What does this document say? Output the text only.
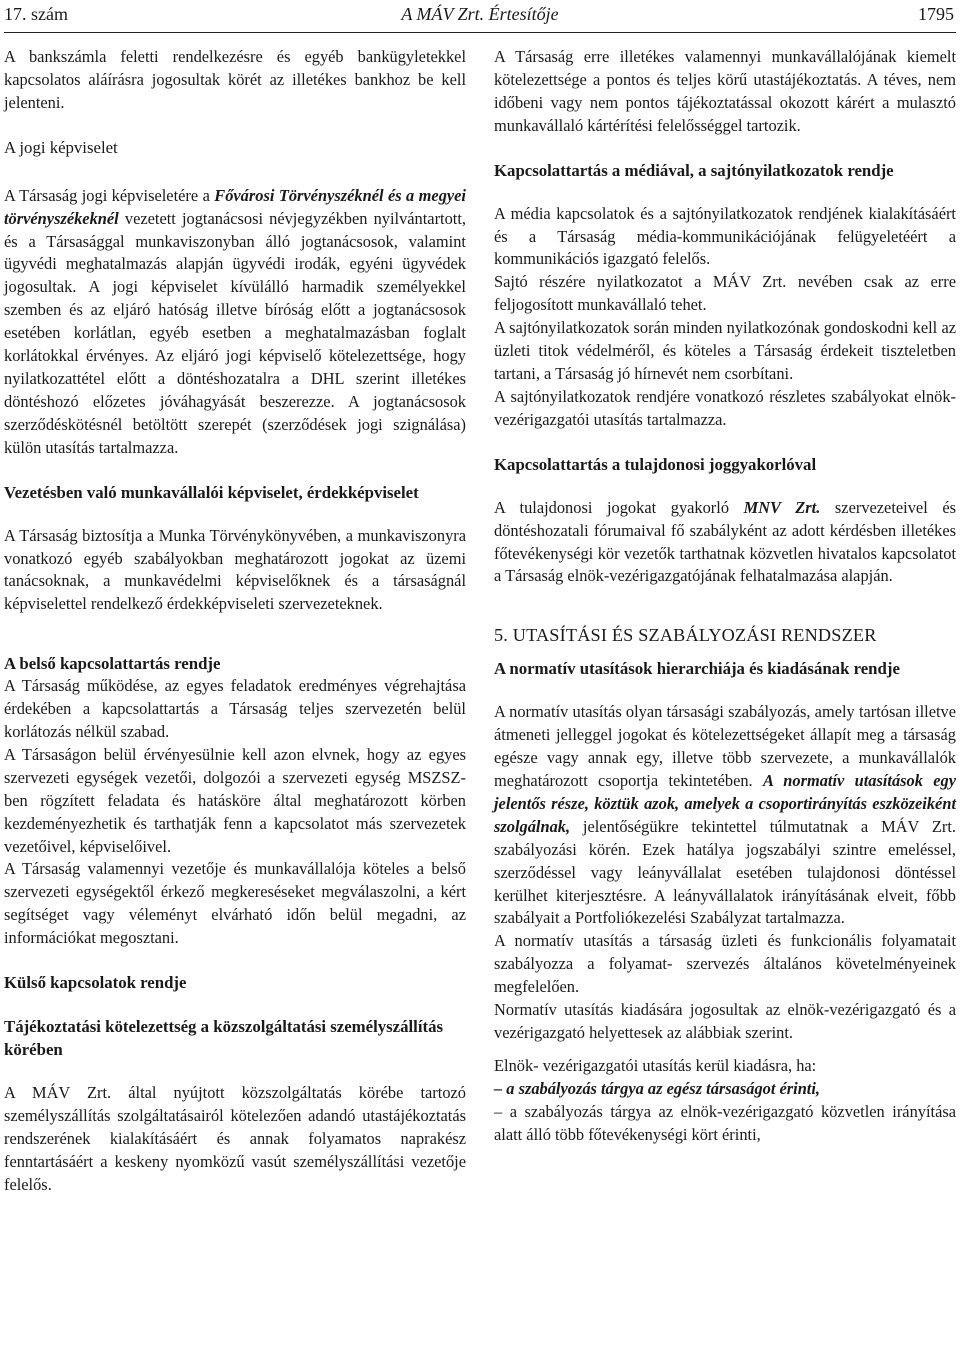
17. szám	A MÁV Zrt. Értesítője	1795

A bankszámla feletti rendelkezésre és egyéb bankügyletekkel kapcsolatos aláírásra jogosultak körét az illetékes bankhoz be kell jelenteni.

A jogi képviselet

A Társaság jogi képviseletére a Fővárosi Törvényszéknél és a megyei törvényszékeknél vezetett jogtanácsosi névjegyzékben nyilvántartott, és a Társasággal munkaviszonyban álló jogtanácsosok, valamint ügyvédi meghatalmazás alapján ügyvédi irodák, egyéni ügyvédek jogosultak. A jogi képviselet kívülálló harmadik személyekkel szemben és az eljáró hatóság illetve bíróság előtt a jogtanácsosok esetében korlátlan, egyéb esetben a meghatalmazásban foglalt korlátokkal érvényes. Az eljáró jogi képviselő kötelezettsége, hogy nyilatkozattétel előtt a döntéshozatalra a DHL szerint illetékes döntéshozó előzetes jóváhagyását beszerezze. A jogtanácsosok szerződéskötésnél betöltött szerepét (szerződések jogi szignálása) külön utasítás tartalmazza.

Vezetésben való munkavállalói képviselet, érdekképviselet

A Társaság biztosítja a Munka Törvénykönyvében, a munkaviszonyra vonatkozó egyéb szabályokban meghatározott jogokat az üzemi tanácsoknak, a munkavédelmi képviselőknek és a társaságnál képviselettel rendelkező érdekképviseleti szervezeteknek.

A belső kapcsolattartás rendje

A Társaság működése, az egyes feladatok eredményes végrehajtása érdekében a kapcsolattartás a Társaság teljes szervezetén belül korlátozás nélkül szabad.

A Társaságon belül érvényesülnie kell azon elvnek, hogy az egyes szervezeti egységek vezetői, dolgozói a szervezeti egység MSZSZ-ben rögzített feladata és hatásköre által meghatározott körben kezdeményezhetik és tarthatják fenn a kapcsolatot más szervezetek vezetőivel, képviselőivel.

A Társaság valamennyi vezetője és munkavállalója köteles a belső szervezeti egységektől érkező megkereséseket megválaszolni, a kért segítséget vagy véleményt elvárható időn belül megadni, az információkat megosztani.

Külső kapcsolatok rendje
Tájékoztatási kötelezettség a közszolgáltatási személyszállítás körében

A MÁV Zrt. által nyújtott közszolgáltatás körébe tartozó személyszállítás szolgáltatásairól kötelezően adandó utastájékoztatás rendszerének kialakításáért és annak folyamatos naprakész fenntartásáért a keskeny nyomközű vasút személyszállítási vezetője felelős.

A Társaság erre illetékes valamennyi munkavállalójának kiemelt kötelezettsége a pontos és teljes körű utastájékoztatás. A téves, nem időbeni vagy nem pontos tájékoztatással okozott kárért a mulasztó munkavállaló kártérítési felelősséggel tartozik.

Kapcsolattartás a médiával, a sajtónyilatkozatok rendje

A média kapcsolatok és a sajtónyilatkozatok rendjének kialakításáért és a Társaság média-kommunikációjának felügyeletéért a kommunikációs igazgató felelős.

Sajtó részére nyilatkozatot a MÁV Zrt. nevében csak az erre feljogosított munkavállaló tehet.

A sajtónyilatkozatok során minden nyilatkozónak gondoskodni kell az üzleti titok védelméről, és köteles a Társaság érdekeit tiszteletben tartani, a Társaság jó hírnevét nem csorbítani.

A sajtónyilatkozatok rendjére vonatkozó részletes szabályokat elnök-vezérigazgatói utasítás tartalmazza.

Kapcsolattartás a tulajdonosi joggyakorlóval

A tulajdonosi jogokat gyakorló MNV Zrt. szervezeteivel és döntéshozatali fórumaival fő szabályként az adott kérdésben illetékes főtevékenységi kör vezetők tarthatnak közvetlen hivatalos kapcsolatot a Társaság elnök-vezérigazgatójának felhatalmazása alapján.

5. UTASÍTÁSI ÉS SZABÁLYOZÁSI RENDSZER
A normatív utasítások hierarchiája és kiadásának rendje

A normatív utasítás olyan társasági szabályozás, amely tartósan illetve átmeneti jelleggel jogokat és kötelezettségeket állapít meg a társaság egésze vagy annak egy, illetve több szervezete, a munkavállalók meghatározott csoportja tekintetében. A normatív utasítások egy jelentős része, köztük azok, amelyek a csoportirányítás eszközeiként szolgálnak, jelentőségükre tekintettel túlmutatnak a MÁV Zrt. szabályozási körén. Ezek hatálya jogszabályi szintre emeléssel, szerződéssel vagy leányvállalat esetében tulajdonosi döntéssel kerülhet kiterjesztésre. A leányvállalatok irányításának elveit, főbb szabályait a Portfoliókezelési Szabályzat tartalmazza.

A normatív utasítás a társaság üzleti és funkcionális folyamatait szabályozza a folyamat- szervezés általános követelményeinek megfelelően.

Normatív utasítás kiadására jogosultak az elnök-vezérigazgató és a vezérigazgató helyettesek az alábbiak szerint.

Elnök- vezérigazgatói utasítás kerül kiadásra, ha:

– a szabályozás tárgya az egész társaságot érinti,

– a szabályozás tárgya az elnök-vezérigazgató közvetlen irányítása alatt álló több főtevékenységi kört érinti,
